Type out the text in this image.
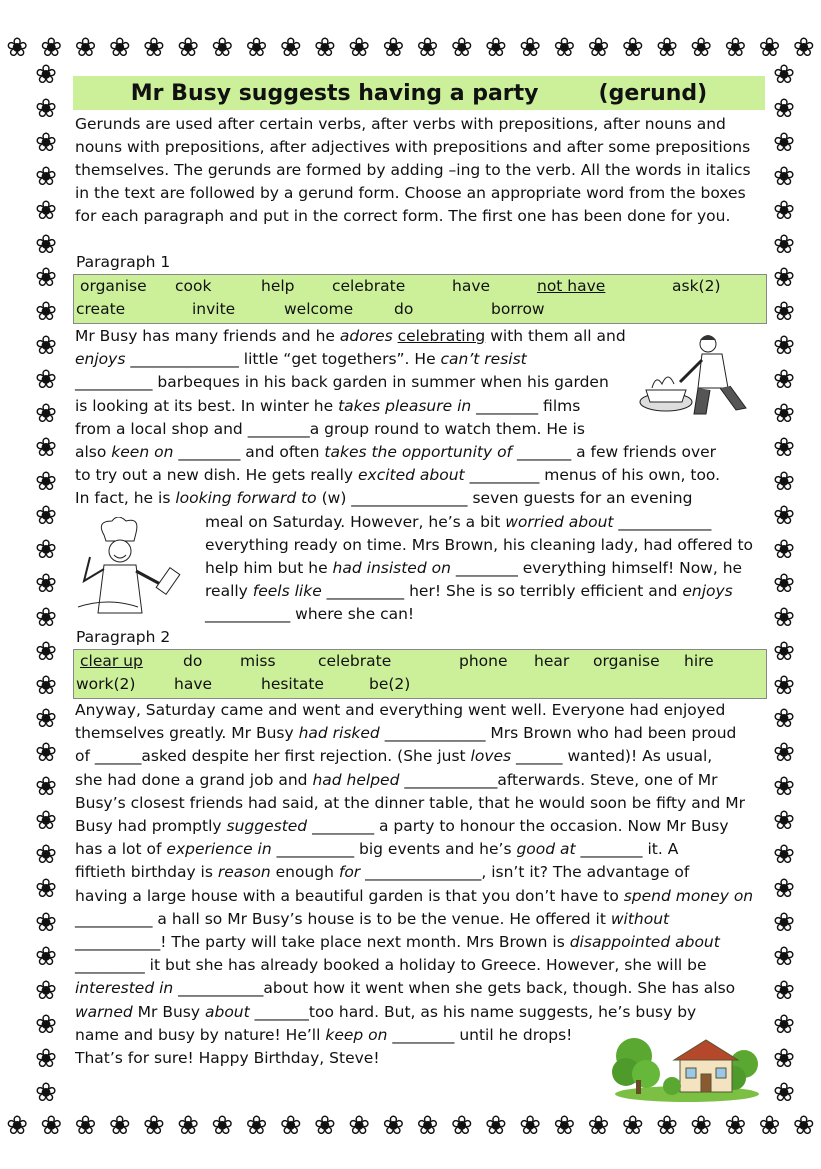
❀ ❀ ❀ ❀ ❀ ❀ ❀ ❀ ❀ ❀ ❀ ❀ ❀ ❀ ❀ ❀ ❀ ❀ ❀ ❀ ❀ ❀ ❀ ❀
❀ ❀ ❀ ❀ ❀ ❀ ❀ ❀ ❀ ❀ ❀ ❀ ❀ ❀ ❀ ❀ ❀ ❀ ❀ ❀ ❀ ❀ ❀ ❀
❀
❀
❀
❀
❀
❀
❀
❀
❀
❀
❀
❀
❀
❀
❀
❀
❀
❀
❀
❀
❀
❀
❀
❀
❀
❀
❀
❀
❀
❀
❀
❀
❀
❀
❀
❀
❀
❀
❀
❀
❀
❀
❀
❀
❀
❀
❀
❀
❀
❀
❀
❀
❀
❀
❀
❀
❀
❀
❀
❀
❀
❀
Mr Busy suggests having a party	(gerund)
Gerunds are used after certain verbs, after verbs with prepositions, after nouns and
nouns with prepositions, after adjectives with prepositions and after some prepositions
themselves. The gerunds are formed by adding –ing to the verb. All the words in italics
in the text are followed by a gerund form. Choose an appropriate word from the boxes
for each paragraph and put in the correct form. The first one has been done for you.
Paragraph 1
organise cook	help celebrate	have	not have	ask(2)
create	invite	welcome	do	borrow
Mr Busy has many friends and he adores celebrating with them all and
enjoys ______________ little “get togethers”. He can’t resist
__________ barbeques in his back garden in summer when his garden
is looking at its best. In winter he takes pleasure in ________ films
from a local shop and ________a group round to watch them. He is
also keen on ________ and often takes the opportunity of _______ a few friends over
to try out a new dish. He gets really excited about _________ menus of his own, too.
In fact, he is looking forward to (w) _______________ seven guests for an evening
meal on Saturday. However, he’s a bit worried about ____________
everything ready on time. Mrs Brown, his cleaning lady, had offered to
help him but he had insisted on ________ everything himself! Now, he
really feels like __________ her! She is so terribly efficient and enjoys
___________ where she can!
Paragraph 2
clear up	do miss	celebrate	phone hear organise hire
work(2) have	hesitate	be(2)
Anyway, Saturday came and went and everything went well. Everyone had enjoyed
themselves greatly. Mr Busy had risked _____________ Mrs Brown who had been proud
of ______asked despite her first rejection. (She just loves ______ wanted)! As usual,
she had done a grand job and had helped ____________afterwards. Steve, one of Mr
Busy’s closest friends had said, at the dinner table, that he would soon be fifty and Mr
Busy had promptly suggested ________ a party to honour the occasion. Now Mr Busy
has a lot of experience in __________ big events and he’s good at ________ it. A
fiftieth birthday is reason enough for _______________, isn’t it? The advantage of
having a large house with a beautiful garden is that you don’t have to spend money on
__________ a hall so Mr Busy’s house is to be the venue. He offered it without
___________! The party will take place next month. Mrs Brown is disappointed about
_________ it but she has already booked a holiday to Greece. However, she will be
interested in ___________about how it went when she gets back, though. She has also
warned Mr Busy about _______too hard. But, as his name suggests, he’s busy by
name and busy by nature! He’ll keep on ________ until he drops!
That’s for sure! Happy Birthday, Steve!
